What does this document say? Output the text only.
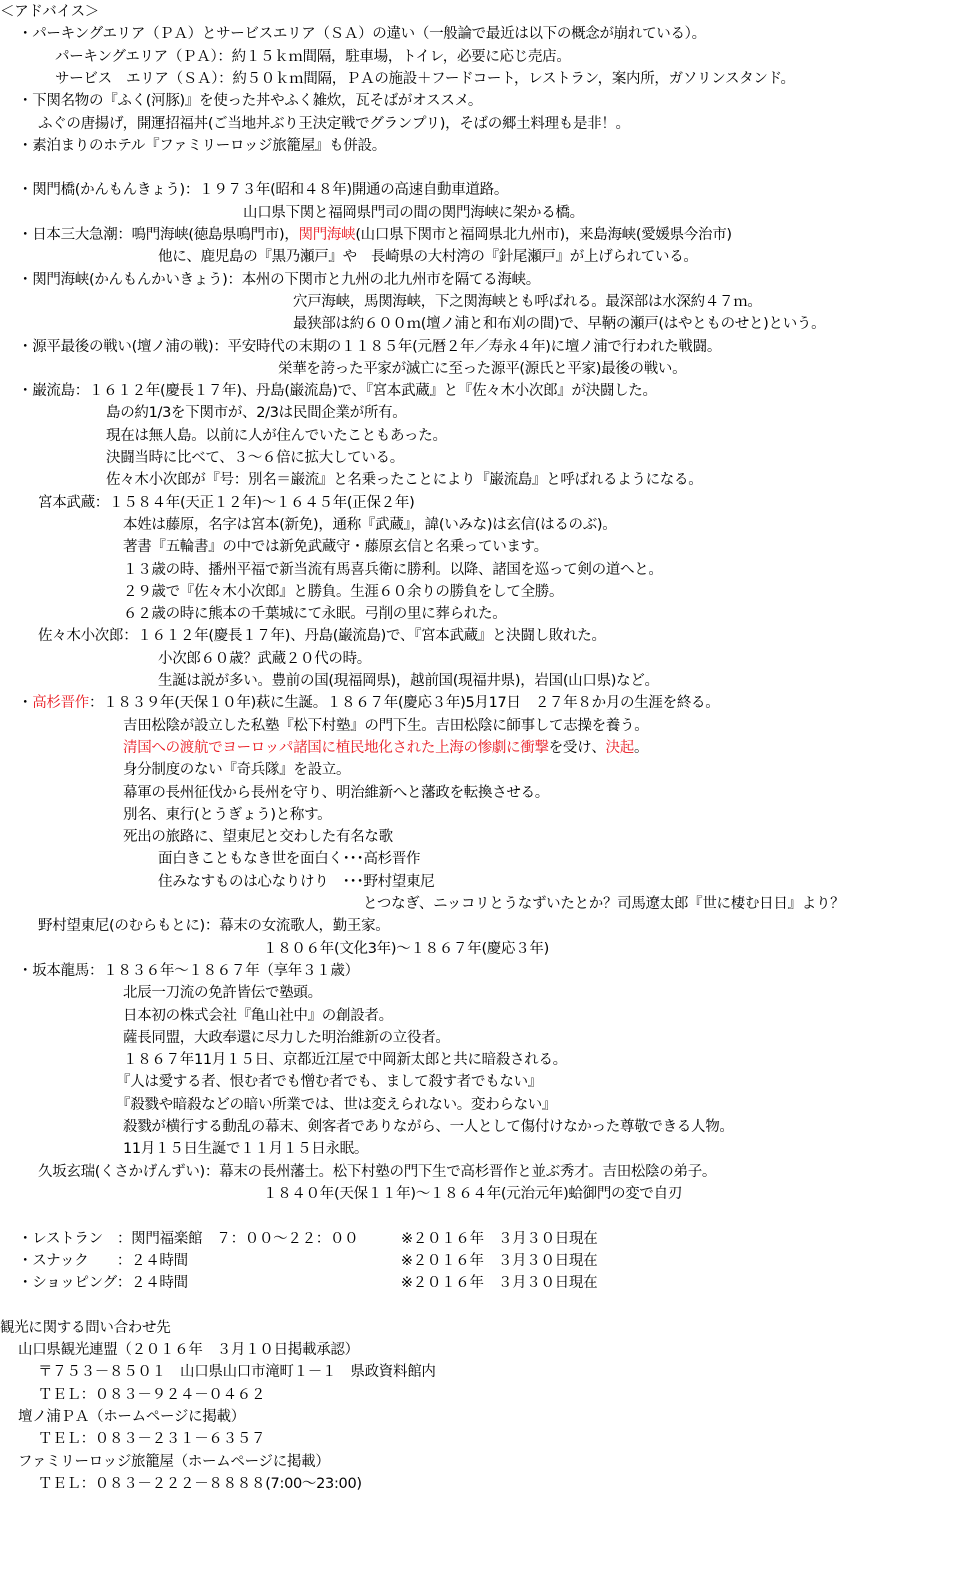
＜アドバイス＞
・パーキングエリア（ＰＡ）とサービスエリア（ＳＡ）の違い（一般論で最近は以下の概念が崩れている）。
パーキングエリア（ＰＡ）：約１５ｋｍ間隔，駐車場，トイレ，必要に応じ売店。
サービス　エリア（ＳＡ）：約５０ｋｍ間隔，ＰＡの施設＋フードコート，レストラン，案内所，ガソリンスタンド。
・下関名物の『ふく(河豚)』を使った丼やふく雑炊，瓦そばがオススメ。
ふぐの唐揚げ，開運招福丼(ご当地丼ぶり王決定戦でグランプリ)，そばの郷土料理も是非！。
・素泊まりのホテル『ファミリーロッジ旅籠屋』も併設。
・関門橋(かんもんきょう)：１９７３年(昭和４８年)開通の高速自動車道路。
山口県下関と福岡県門司の間の関門海峡に架かる橋。
・日本三大急潮：鳴門海峡(徳島県鳴門市)，関門海峡(山口県下関市と福岡県北九州市)，来島海峡(愛媛県今治市)
他に、鹿児島の『黒乃瀬戸』や　長崎県の大村湾の『針尾瀬戸』が上げられている。
・関門海峡(かんもんかいきょう)：本州の下関市と九州の北九州市を隔てる海峡。
穴戸海峡，馬関海峡，下之関海峡とも呼ばれる。最深部は水深約４７ｍ。
最狭部は約６００ｍ(壇ノ浦と和布刈の間)で、早鞆の瀬戸(はやとものせと)という。
・源平最後の戦い(壇ノ浦の戦)：平安時代の末期の１１８５年(元暦２年／寿永４年)に壇ノ浦で行われた戦闘。
栄華を誇った平家が滅亡に至った源平(源氏と平家)最後の戦い。
・巌流島：１６１２年(慶長１７年)、丹島(巌流島)で、『宮本武蔵』と『佐々木小次郎』が決闘した。
島の約1/3を下関市が、2/3は民間企業が所有。
現在は無人島。以前に人が住んでいたこともあった。
決闘当時に比べて、３～６倍に拡大している。
佐々木小次郎が『号：別名＝巌流』と名乗ったことにより『巌流島』と呼ばれるようになる。
宮本武蔵：１５８４年(天正１２年)～１６４５年(正保２年)
本姓は藤原，名字は宮本(新免)，通称『武蔵』，諱(いみな)は玄信(はるのぶ)。
著書『五輪書』の中では新免武蔵守・藤原玄信と名乗っています。
１３歳の時、播州平福で新当流有馬喜兵衛に勝利。以降、諸国を巡って剣の道へと。
２９歳で『佐々木小次郎』と勝負。生涯６０余りの勝負をして全勝。
６２歳の時に熊本の千葉城にて永眠。弓削の里に葬られた。
佐々木小次郎：１６１２年(慶長１７年)、丹島(巌流島)で、『宮本武蔵』と決闘し敗れた。
小次郎６０歳？武蔵２０代の時。
生誕は説が多い。豊前の国(現福岡県)，越前国(現福井県)，岩国(山口県)など。
・高杉晋作：１８３９年(天保１０年)萩に生誕。１８６７年(慶応３年)5月17日　２７年８か月の生涯を終る。
吉田松陰が設立した私塾『松下村塾』の門下生。吉田松陰に師事して志操を養う。
清国への渡航でヨーロッパ諸国に植民地化された上海の惨劇に衝撃を受け、決起。
身分制度のない『奇兵隊』を設立。
幕軍の長州征伐から長州を守り、明治維新へと藩政を転換させる。
別名、東行(とうぎょう)と称す。
死出の旅路に、望東尼と交わした有名な歌
面白きこともなき世を面白く･･･高杉晋作
住みなすものは心なりけり　･･･野村望東尼
とつなぎ、ニッコリとうなずいたとか？司馬遼太郎『世に棲む日日』より？
野村望東尼(のむらもとに)：幕末の女流歌人，勤王家。
１８０６年(文化3年)～１８６７年(慶応３年)
・坂本龍馬：１８３６年～１８６７年（享年３１歳）
北辰一刀流の免許皆伝で塾頭。
日本初の株式会社『亀山社中』の創設者。
薩長同盟，大政奉還に尽力した明治維新の立役者。
１８６７年11月１５日、京都近江屋で中岡新太郎と共に暗殺される。
『人は愛する者、恨む者でも憎む者でも、まして殺す者でもない』
『殺戮や暗殺などの暗い所業では、世は変えられない。変わらない』
殺戮が横行する動乱の幕末、剣客者でありながら、一人として傷付けなかった尊敬できる人物。
11月１５日生誕で１１月１５日永眠。
久坂玄瑞(くさかげんずい)：幕末の長州藩士。松下村塾の門下生で高杉晋作と並ぶ秀才。吉田松陰の弟子。
１８４０年(天保１１年)～１８６４年(元治元年)蛤御門の変で自刃
・レストラン　：関門福楽館　７：００～２２：００　　　※２０１６年　３月３０日現在
・スナック　　：２４時間　　　　　　　　　　　　　　　※２０１６年　３月３０日現在
・ショッピング：２４時間　　　　　　　　　　　　　　　※２０１６年　３月３０日現在
観光に関する問い合わせ先
山口県観光連盟（２０１６年　３月１０日掲載承認）
〒７５３－８５０１　山口県山口市滝町１－１　県政資料館内
ＴＥＬ：０８３－９２４－０４６２
壇ノ浦ＰＡ（ホームページに掲載）
ＴＥＬ：０８３－２３１－６３５７
ファミリーロッジ旅籠屋（ホームページに掲載）
ＴＥＬ：０８３－２２２－８８８８(7:00～23:00)
